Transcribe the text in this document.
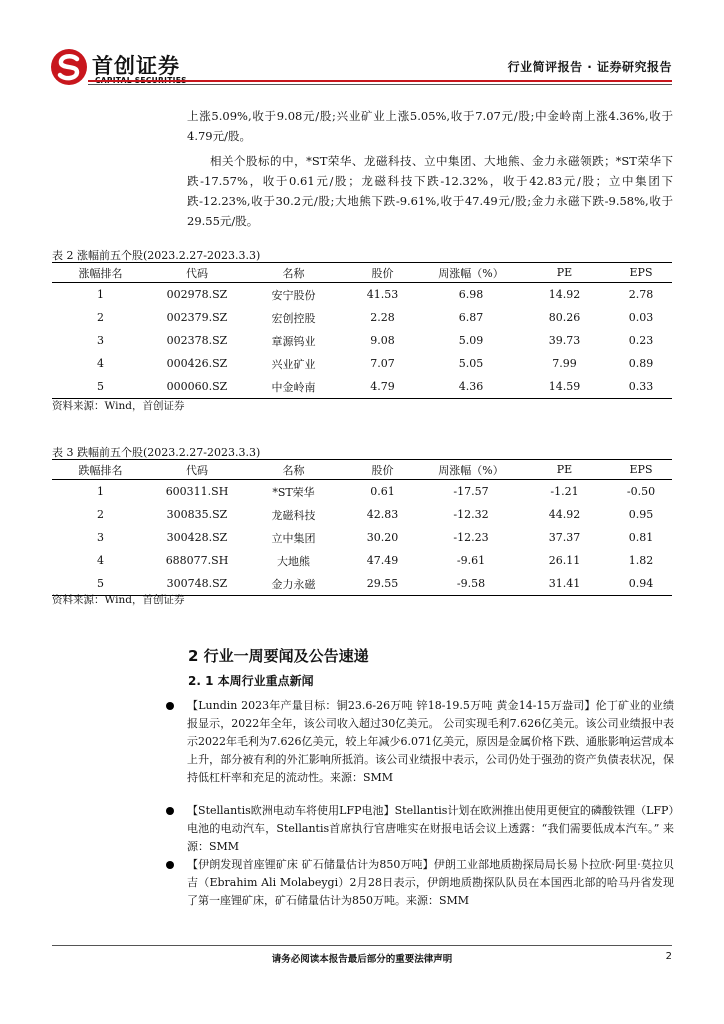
首创证券	行业简评报告 · 证券研究报告

上涨5.09%,收于9.08元/股;兴业矿业上涨5.05%,收于7.07元/股;中金岭南上涨4.36%,收于4.79元/股。

相关个股标的中，*ST荣华、龙磁科技、立中集团、大地熊、金力永磁领跌；*ST荣华下跌-17.57%，收于0.61元/股；龙磁科技下跌-12.32%，收于42.83元/股；立中集团下跌-12.23%,收于30.2元/股;大地熊下跌-9.61%,收于47.49元/股;金力永磁下跌-9.58%,收于29.55元/股。

表 2 涨幅前五个股(2023.2.27-2023.3.3)
涨幅排名	代码	名称	股价	周涨幅（%）	PE	EPS
1	002978.SZ	安宁股份	41.53	6.98	14.92	2.78
2	002379.SZ	宏创控股	2.28	6.87	80.26	0.03
3	002378.SZ	章源钨业	9.08	5.09	39.73	0.23
4	000426.SZ	兴业矿业	7.07	5.05	7.99	0.89
5	000060.SZ	中金岭南	4.79	4.36	14.59	0.33
资料来源：Wind，首创证券
表 3 跌幅前五个股(2023.2.27-2023.3.3)
跌幅排名	代码	名称	股价	周涨幅（%）	PE	EPS
1	600311.SH	*ST荣华	0.61	-17.57	-1.21	-0.50
2	300835.SZ	龙磁科技	42.83	-12.32	44.92	0.95
3	300428.SZ	立中集团	30.20	-12.23	37.37	0.81
4	688077.SH	大地熊	47.49	-9.61	26.11	1.82
5	300748.SZ	金力永磁	29.55	-9.58	31.41	0.94
资料来源：Wind，首创证券
2 行业一周要闻及公告速递
2. 1 本周行业重点新闻
【Lundin 2023年产量目标：铜23.6-26万吨 锌18-19.5万吨 黄金14-15万盎司】伦丁矿业的业绩报显示，2022年全年，该公司收入超过30亿美元。 公司实现毛利7.626亿美元。该公司业绩报中表示2022年毛利为7.626亿美元，较上年减少6.071亿美元，原因是金属价格下跌、通胀影响运营成本上升，部分被有利的外汇影响所抵消。该公司业绩报中表示，公司仍处于强劲的资产负债表状况，保持低杠杆率和充足的流动性。来源：SMM
【Stellantis欧洲电动车将使用LFP电池】Stellantis计划在欧洲推出使用更便宜的磷酸铁锂（LFP）电池的电动汽车，Stellantis首席执行官唐唯实在财报电话会议上透露：“我们需要低成本汽车。” 来源：SMM
【伊朗发现首座锂矿床 矿石储量估计为850万吨】伊朗工业部地质勘探局局长易卜拉欣·阿里·莫拉贝吉（Ebrahim Ali Molabeygi）2月28日表示，伊朗地质勘探队队员在本国西北部的哈马丹省发现了第一座锂矿床，矿石储量估计为850万吨。来源：SMM
请务必阅读本报告最后部分的重要法律声明	2
